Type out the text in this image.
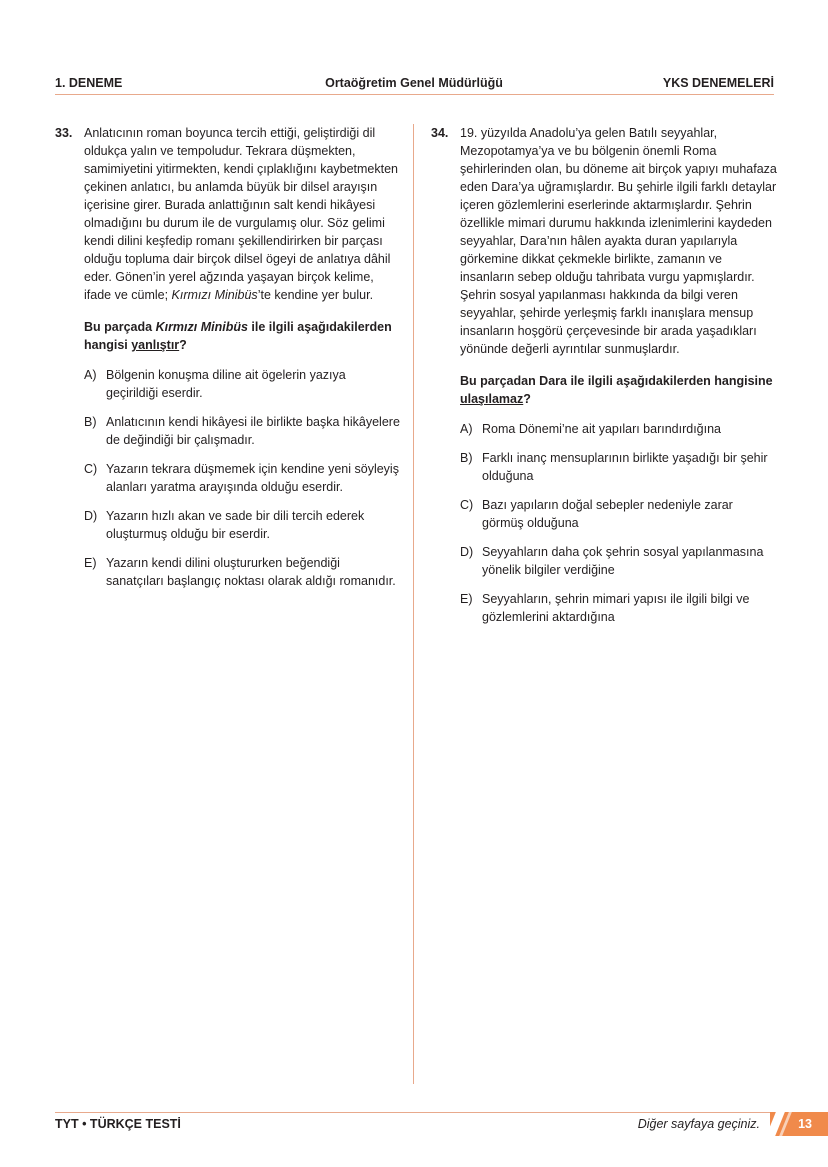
1. DENEME	Ortaöğretim Genel Müdürlüğü	YKS DENEMELERİ
33. Anlatıcının roman boyunca tercih ettiği, geliştirdiği dil oldukça yalın ve tempoludur. Tekrara düşmekten, samimiyetini yitirmekten, kendi çıplaklığını kaybetmekten çekinen anlatıcı, bu anlamda büyük bir dilsel arayışın içerisine girer. Burada anlattığının salt kendi hikâyesi olmadığını bu durum ile de vurgulamış olur. Söz gelimi kendi dilini keşfedip romanı şekillendirirken bir parçası olduğu topluma dair birçok dilsel ögeyi de anlatıya dâhil eder. Gönen’in yerel ağzında yaşayan birçok kelime, ifade ve cümle; Kırmızı Minibüs’te kendine yer bulur.

Bu parçada Kırmızı Minibüs ile ilgili aşağıdakilerden hangisi yanlıştır?

A) Bölgenin konuşma diline ait ögelerin yazıya geçirildiği eserdir.
B) Anlatıcının kendi hikâyesi ile birlikte başka hikâyelere de değindiği bir çalışmadır.
C) Yazarın tekrara düşmemek için kendine yeni söyleyiş alanları yaratma arayışında olduğu eserdir.
D) Yazarın hızlı akan ve sade bir dili tercih ederek oluşturmuş olduğu bir eserdir.
E) Yazarın kendi dilini oluştururken beğendiği sanatçıları başlangıç noktası olarak aldığı romanıdır.
34. 19. yüzyılda Anadolu’ya gelen Batılı seyyahlar, Mezopotamya’ya ve bu bölgenin önemli Roma şehirlerinden olan, bu döneme ait birçok yapıyı muhafaza eden Dara’ya uğramışlardır. Bu şehirle ilgili farklı detaylar içeren gözlemlerini eserlerinde aktarmışlardır. Şehrin özellikle mimari durumu hakkında izlenimlerini kaydeden seyyahlar, Dara’nın hâlen ayakta duran yapılarıyla görkemine dikkat çekmekle birlikte, zamanın ve insanların sebep olduğu tahribata vurgu yapmışlardır. Şehrin sosyal yapılanması hakkında da bilgi veren seyyahlar, şehirde yerleşmiş farklı inanışlara mensup insanların hoşgörü çerçevesinde bir arada yaşadıkları yönünde değerli ayrıntılar sunmuşlardır.

Bu parçadan Dara ile ilgili aşağıdakilerden hangisine ulaşılamaz?

A) Roma Dönemi’ne ait yapıları barındırdığına
B) Farklı inanç mensuplarının birlikte yaşadığı bir şehir olduğuna
C) Bazı yapıların doğal sebepler nedeniyle zarar görmüş olduğuna
D) Seyyahların daha çok şehrin sosyal yapılanmasına yönelik bilgiler verdiğine
E) Seyyahların, şehrin mimari yapısı ile ilgili bilgi ve gözlemlerini aktardığına
TYT • TÜRKÇE TESTİ	Diğer sayfaya geçiniz.	13
